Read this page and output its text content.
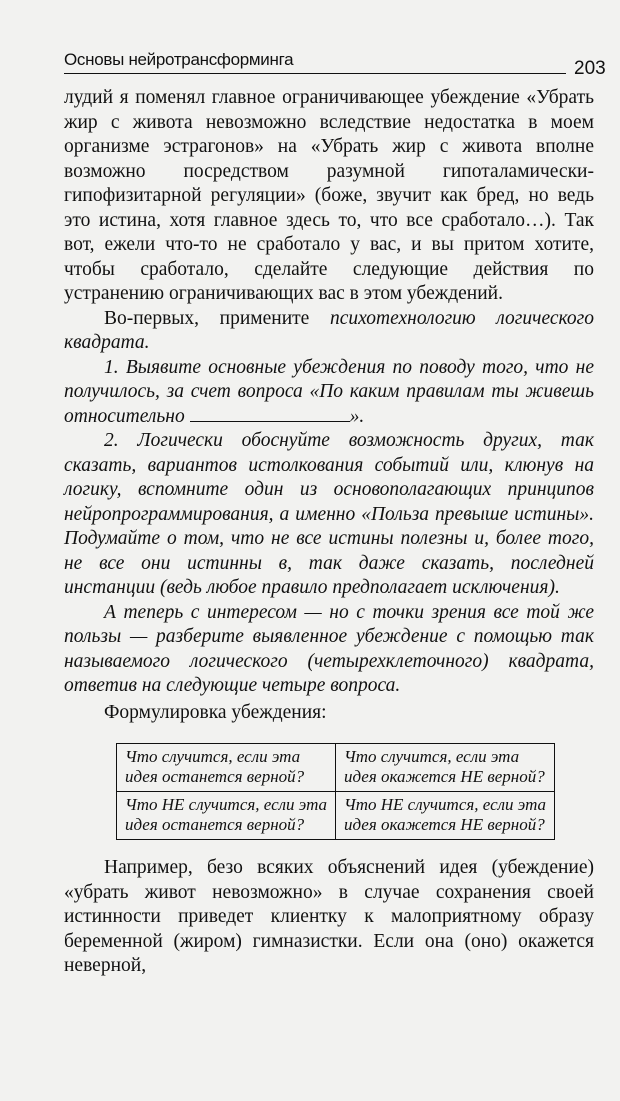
Основы нейротрансформинга	203

лудий я поменял главное ограничивающее убеждение «Убрать жир с живота невозможно вследствие недостатка в моем организме эстрагонов» на «Убрать жир с живота вполне возможно посредством разумной гипоталамически-гипофизитарной регуляции» (боже, звучит как бред, но ведь это истина, хотя главное здесь то, что все сработало…). Так вот, ежели что-то не сработало у вас, и вы притом хотите, чтобы сработало, сделайте следующие действия по устранению ограничивающих вас в этом убеждений.

Во-первых, примените психотехнологию логического квадрата.

1. Выявите основные убеждения по поводу того, что не получилось, за счет вопроса «По каким правилам ты живешь относительно	».

2. Логически обоснуйте возможность других, так сказать, вариантов истолкования событий или, клюнув на логику, вспомните один из основополагающих принципов нейропрограммирования, а именно «Польза превыше истины». Подумайте о том, что не все истины полезны и, более того, не все они истинны в, так даже сказать, последней инстанции (ведь любое правило предполагает исключения).

А теперь с интересом — но с точки зрения все той же пользы — разберите выявленное убеждение с помощью так называемого логического (четырехклеточного) квадрата, ответив на следующие четыре вопроса.

Формулировка убеждения:

Что случится, если эта идея останется верной?	Что случится, если эта идея окажется НЕ верной?
Что НЕ случится, если эта идея останется верной?	Что НЕ случится, если эта идея окажется НЕ верной?

Например, безо всяких объяснений идея (убеждение) «убрать живот невозможно» в случае сохранения своей истинности приведет клиентку к малоприятному образу беременной (жиром) гимназистки. Если она (оно) окажется неверной,
